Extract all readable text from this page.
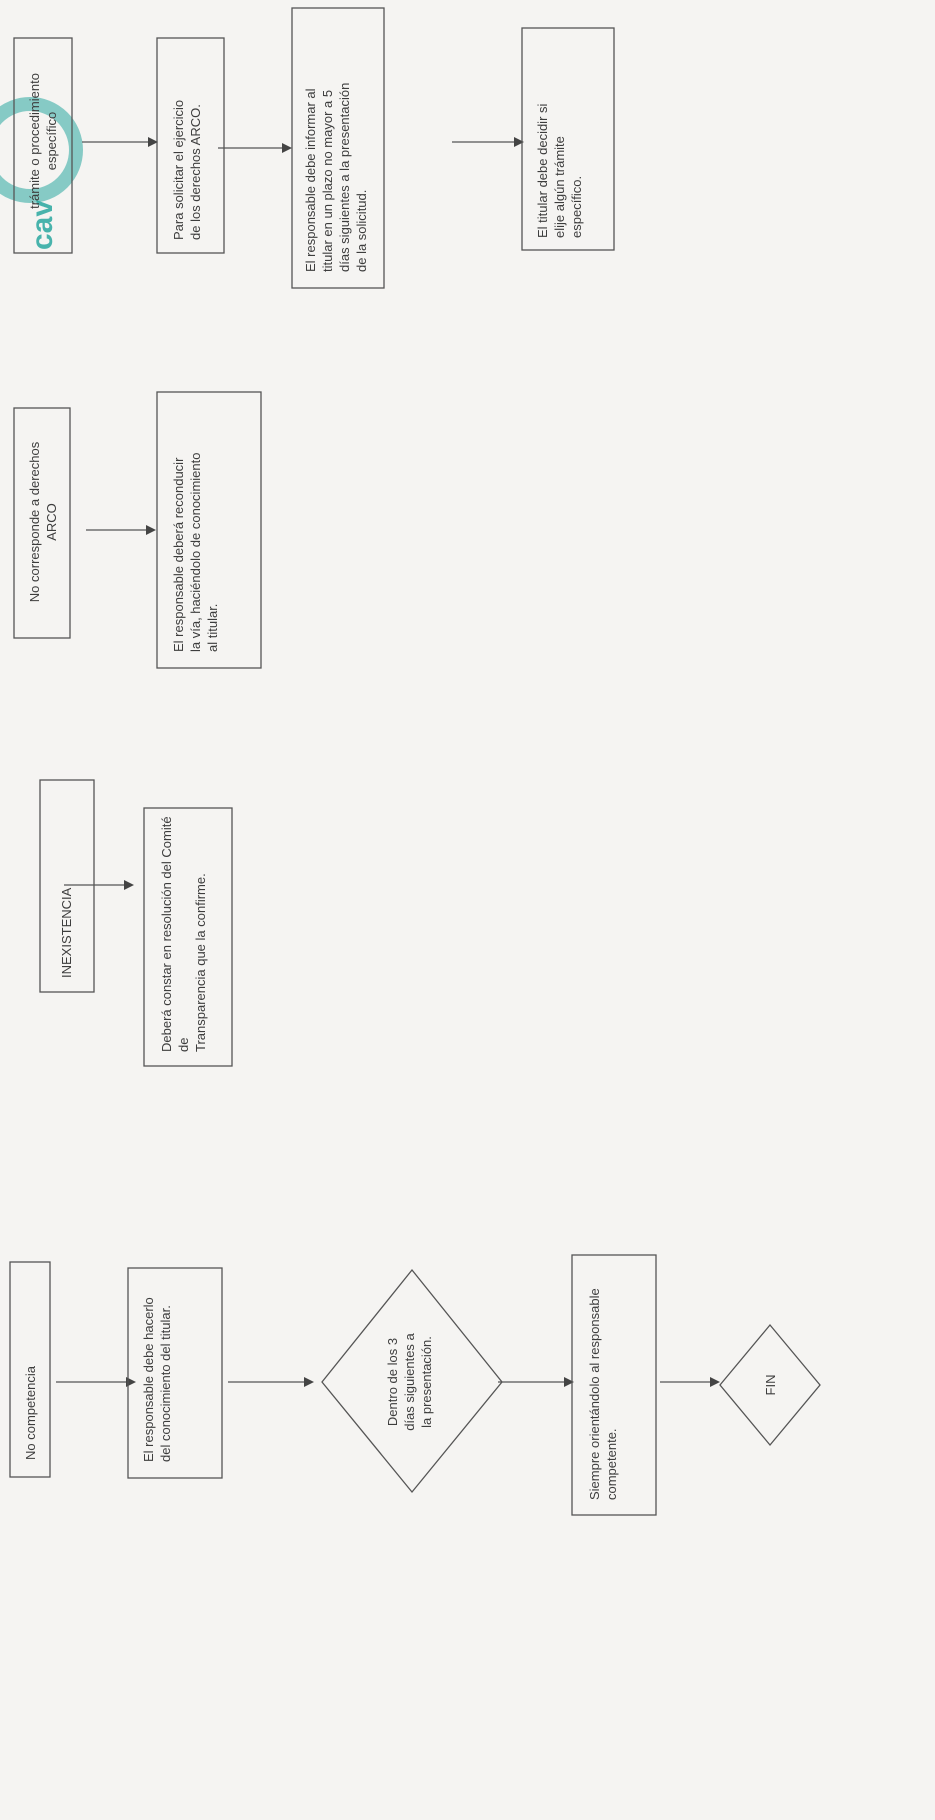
cav
trámite o procedimiento
específico
Para solicitar el ejercicio
de los derechos ARCO.
El responsable debe informar al
titular en un plazo no mayor a 5
días siguientes a la presentación
de la solicitud.	El titular debe decidir si
elije algún trámite
específico.
No corresponde a derechos
ARCO
El responsable deberá reconducir
la vía, haciéndolo de conocimiento
al titular.
INEXISTENCIA
Deberá constar en resolución del Comité de
Transparencia que la confirme.
No competencia	El responsable debe hacerlo
del conocimiento del titular.
Dentro de los 3
días siguientes a
la presentación.
Siempre orientándolo al responsable
competente.
FIN
